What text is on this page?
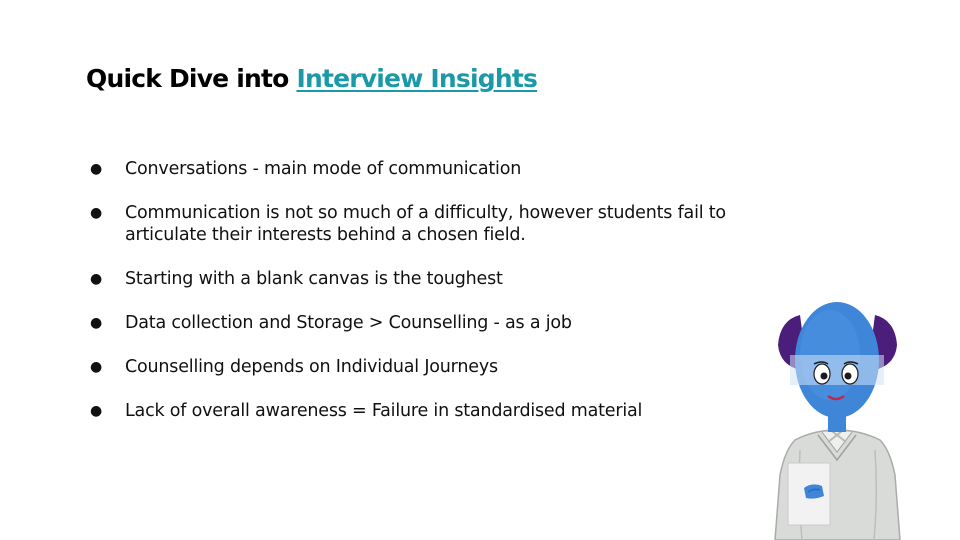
Quick Dive into Interview Insights
● Conversations - main mode of communication
● Communication is not so much of a difficulty, however students fail to articulate their interests behind a chosen field.
● Starting with a blank canvas is the toughest
● Data collection and Storage > Counselling - as a job
● Counselling depends on Individual Journeys
● Lack of overall awareness = Failure in standardised material
